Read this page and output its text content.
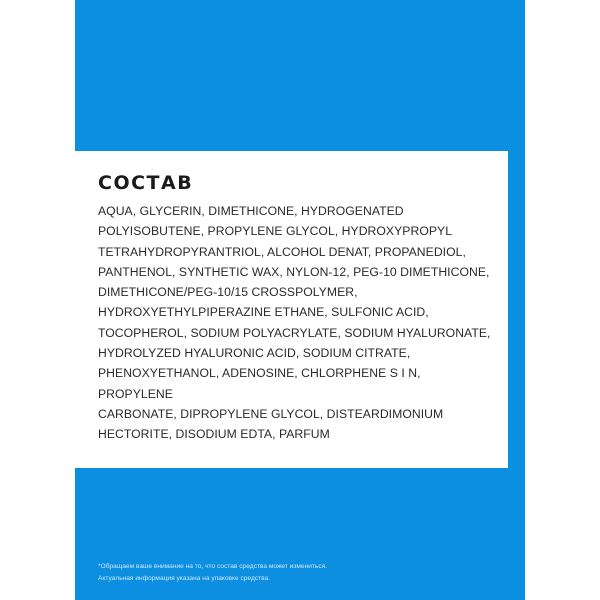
СОСТАВ
AQUA, GLYCERIN, DIMETHICONE, HYDROGENATED
POLYISOBUTENE, PROPYLENE GLYCOL, HYDROXYPROPYL
TETRAHYDROPYRANTRIOL, ALCOHOL DENAT, PROPANEDIOL,
PANTHENOL, SYNTHETIC WAX, NYLON-12, PEG-10 DIMETHICONE,
DIMETHICONE/PEG-10/15 CROSSPOLYMER,
HYDROXYETHYLPIPERAZINE ETHANE, SULFONIC ACID,
TOCOPHEROL, SODIUM POLYACRYLATE, SODIUM HYALURONATE,
HYDROLYZED HYALURONIC ACID, SODIUM CITRATE,
PHENOXYETHANOL, ADENOSINE, CHLORPHENE S I N, PROPYLENE
CARBONATE, DIPROPYLENE GLYCOL, DISTEARDIMONIUM
HECTORITE, DISODIUM EDTA, PARFUM
*Обращаем ваше внимание на то, что состав средства может измениться.
Актуальная информация указана на упаковке средства.
